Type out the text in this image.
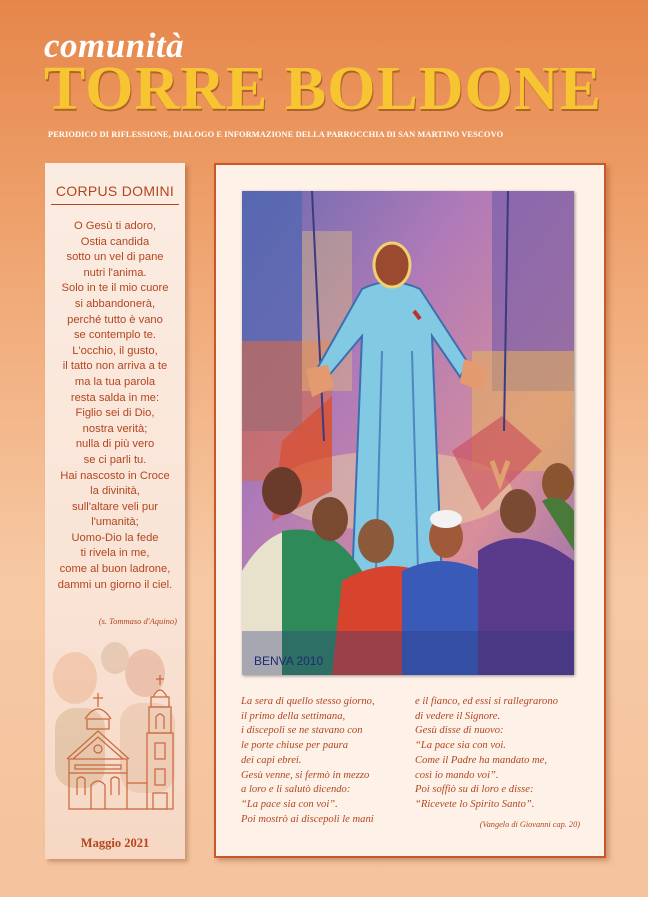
comunità
TORRE BOLDONE
PERIODICO DI RIFLESSIONE, DIALOGO E INFORMAZIONE DELLA PARROCCHIA DI SAN MARTINO VESCOVO
CORPUS DOMINI
O Gesù ti adoro,
Ostia candida
sotto un vel di pane
nutri l'anima.
Solo in te il mio cuore
si abbandonerà,
perché tutto è vano
se contemplo te.
L'occhio, il gusto,
il tatto non arriva a te
ma la tua parola
resta salda in me:
Figlio sei di Dio,
nostra verità;
nulla di più vero
se ci parli tu.
Hai nascosto in Croce
la divinità,
sull'altare veli pur
l'umanità;
Uomo-Dio la fede
ti rivela in me,
come al buon ladrone,
dammi un giorno il ciel.
(s. Tommaso d'Aquino)
Maggio 2021
BENVA 2010
La sera di quello stesso giorno,
il primo della settimana,
i discepoli se ne stavano con
le porte chiuse per paura
dei capi ebrei.
Gesù venne, si fermò in mezzo
a loro e li salutò dicendo:
“La pace sia con voi”.
Poi mostrò ai discepoli le mani
e il fianco, ed essi si rallegrarono
di vedere il Signore.
Gesù disse di nuovo:
“La pace sia con voi.
Come il Padre ha mandato me,
così io mando voi”.
Poi soffiò su di loro e disse:
“Ricevete lo Spirito Santo”.
(Vangelo di Giovanni cap. 20)
